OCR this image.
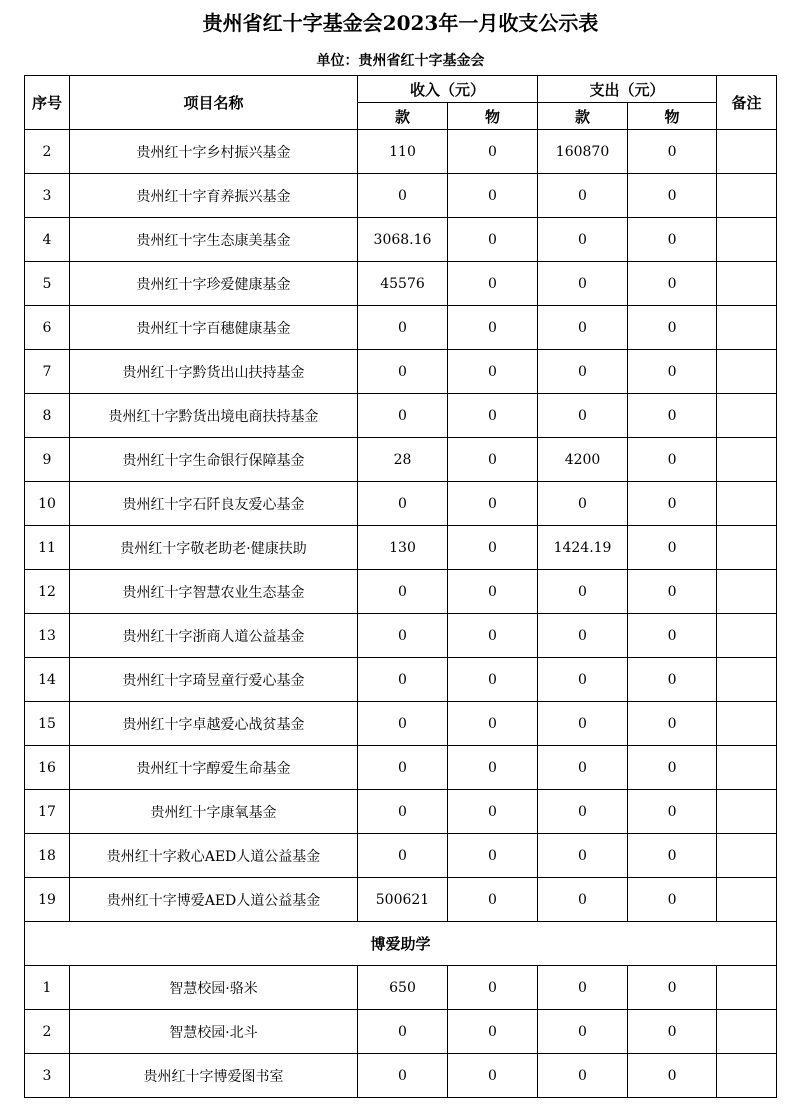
贵州省红十字基金会2023年一月收支公示表
单位：贵州省红十字基金会
序号	项目名称	收入（元）		支出（元）		备注
		款	物	款	物	
2	贵州红十字乡村振兴基金	110	0	160870	0	
3	贵州红十字育养振兴基金	0	0	0	0	
4	贵州红十字生态康美基金	3068.16	0	0	0	
5	贵州红十字珍爱健康基金	45576	0	0	0	
6	贵州红十字百穗健康基金	0	0	0	0	
7	贵州红十字黔货出山扶持基金	0	0	0	0	
8	贵州红十字黔货出境电商扶持基金	0	0	0	0	
9	贵州红十字生命银行保障基金	28	0	4200	0	
10	贵州红十字石阡良友爱心基金	0	0	0	0	
11	贵州红十字敬老助老·健康扶助	130	0	1424.19	0	
12	贵州红十字智慧农业生态基金	0	0	0	0	
13	贵州红十字浙商人道公益基金	0	0	0	0	
14	贵州红十字琦昱童行爱心基金	0	0	0	0	
15	贵州红十字卓越爱心战贫基金	0	0	0	0	
16	贵州红十字醇爱生命基金	0	0	0	0	
17	贵州红十字康氧基金	0	0	0	0	
18	贵州红十字救心AED人道公益基金	0	0	0	0	
19	贵州红十字博爱AED人道公益基金	500621	0	0	0	
博爱助学						
1	智慧校园·骆米	650	0	0	0	
2	智慧校园·北斗	0	0	0	0	
3	贵州红十字博爱图书室	0	0	0	0	
